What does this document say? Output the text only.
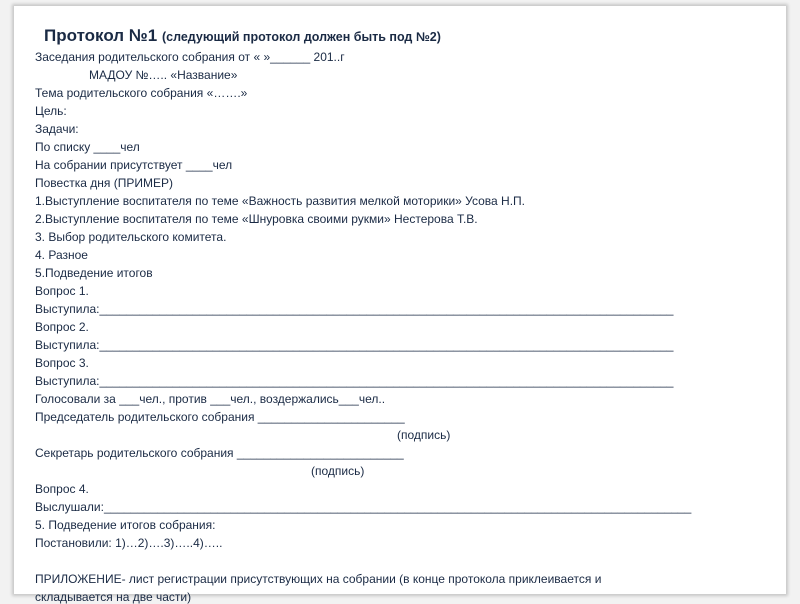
Протокол №1 (следующий протокол должен быть под №2)
Заседания родительского собрания от « »______ 201..г
МАДОУ №….. «Название»
Тема родительского собрания «…….»
Цель:
Задачи:
По списку ____чел
На собрании присутствует ____чел
Повестка дня (ПРИМЕР)
1.Выступление воспитателя по теме «Важность развития мелкой моторики» Усова Н.П.
2.Выступление воспитателя по теме «Шнуровка своими рукми» Нестерова Т.В.
3. Выбор родительского комитета.
4. Разное
5.Подведение итогов
Вопрос 1.
Выступила:______________________________________________________________________________________
Вопрос 2.
Выступила:______________________________________________________________________________________
Вопрос 3.
Выступила:______________________________________________________________________________________
Голосовали за ___чел., против ___чел., воздержались___чел..
Председатель родительского собрания ______________________
(подпись)
Секретарь родительского собрания _________________________
(подпись)
Вопрос 4.
Выслушали:________________________________________________________________________________________
5. Подведение итогов собрания:
Постановили: 1)…2)….3)…..4)…..
ПРИЛОЖЕНИЕ- лист регистрации присутствующих на собрании (в конце протокола приклеивается и
складывается на две части)
